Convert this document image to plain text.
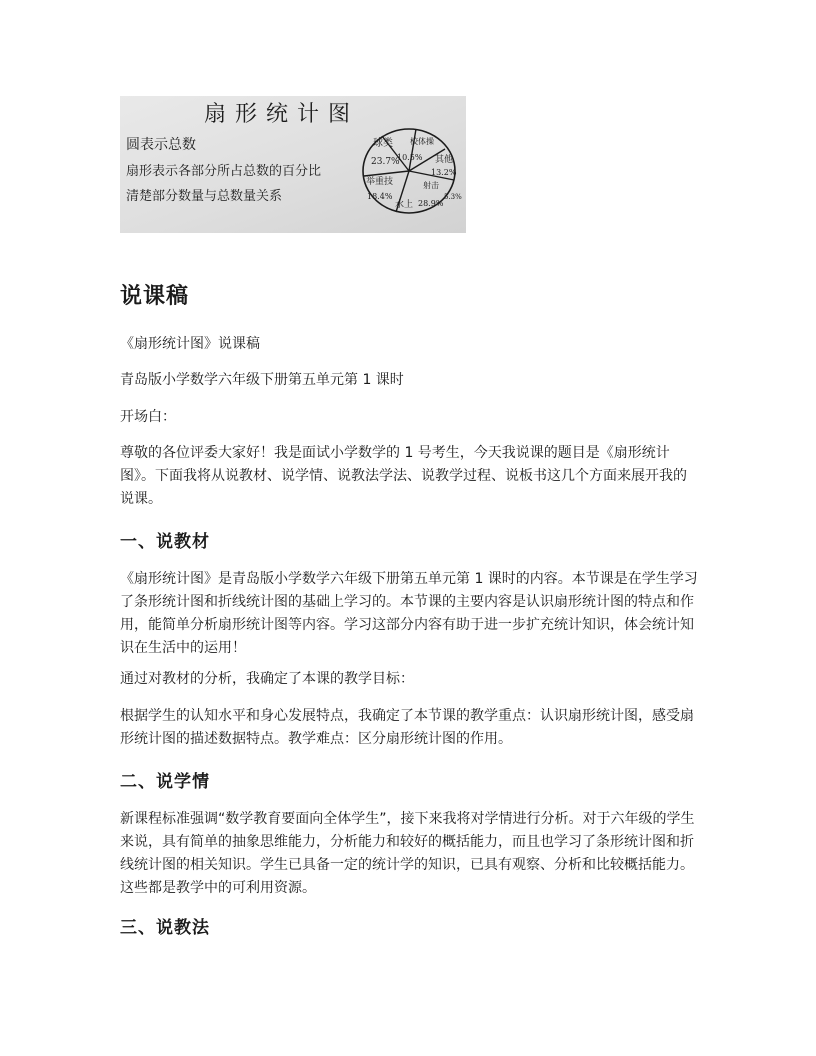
扇形统计图
圆表示总数
扇形表示各部分所占总数的百分比
清楚部分数量与总数量关系
球类
23.7%
校体操
10.5% 其他
13.2%
射击
5.3%
水上 28.9%
举重技
18.4%
说课稿

《扇形统计图》说课稿

青岛版小学数学六年级下册第五单元第 1 课时

开场白：

尊敬的各位评委大家好！我是面试小学数学的 1 号考生，今天我说课的题目是《扇形统计图》。下面我将从说教材、说学情、说教法学法、说教学过程、说板书这几个方面来展开我的说课。

一、说教材

《扇形统计图》是青岛版小学数学六年级下册第五单元第 1 课时的内容。本节课是在学生学习了条形统计图和折线统计图的基础上学习的。本节课的主要内容是认识扇形统计图的特点和作用，能简单分析扇形统计图等内容。学习这部分内容有助于进一步扩充统计知识，体会统计知识在生活中的运用！

通过对教材的分析，我确定了本课的教学目标：

根据学生的认知水平和身心发展特点，我确定了本节课的教学重点：认识扇形统计图，感受扇形统计图的描述数据特点。教学难点：区分扇形统计图的作用。

二、说学情

新课程标准强调“数学教育要面向全体学生”，接下来我将对学情进行分析。对于六年级的学生来说，具有简单的抽象思维能力，分析能力和较好的概括能力，而且也学习了条形统计图和折线统计图的相关知识。学生已具备一定的统计学的知识，已具有观察、分析和比较概括能力。这些都是教学中的可利用资源。

三、说教法
